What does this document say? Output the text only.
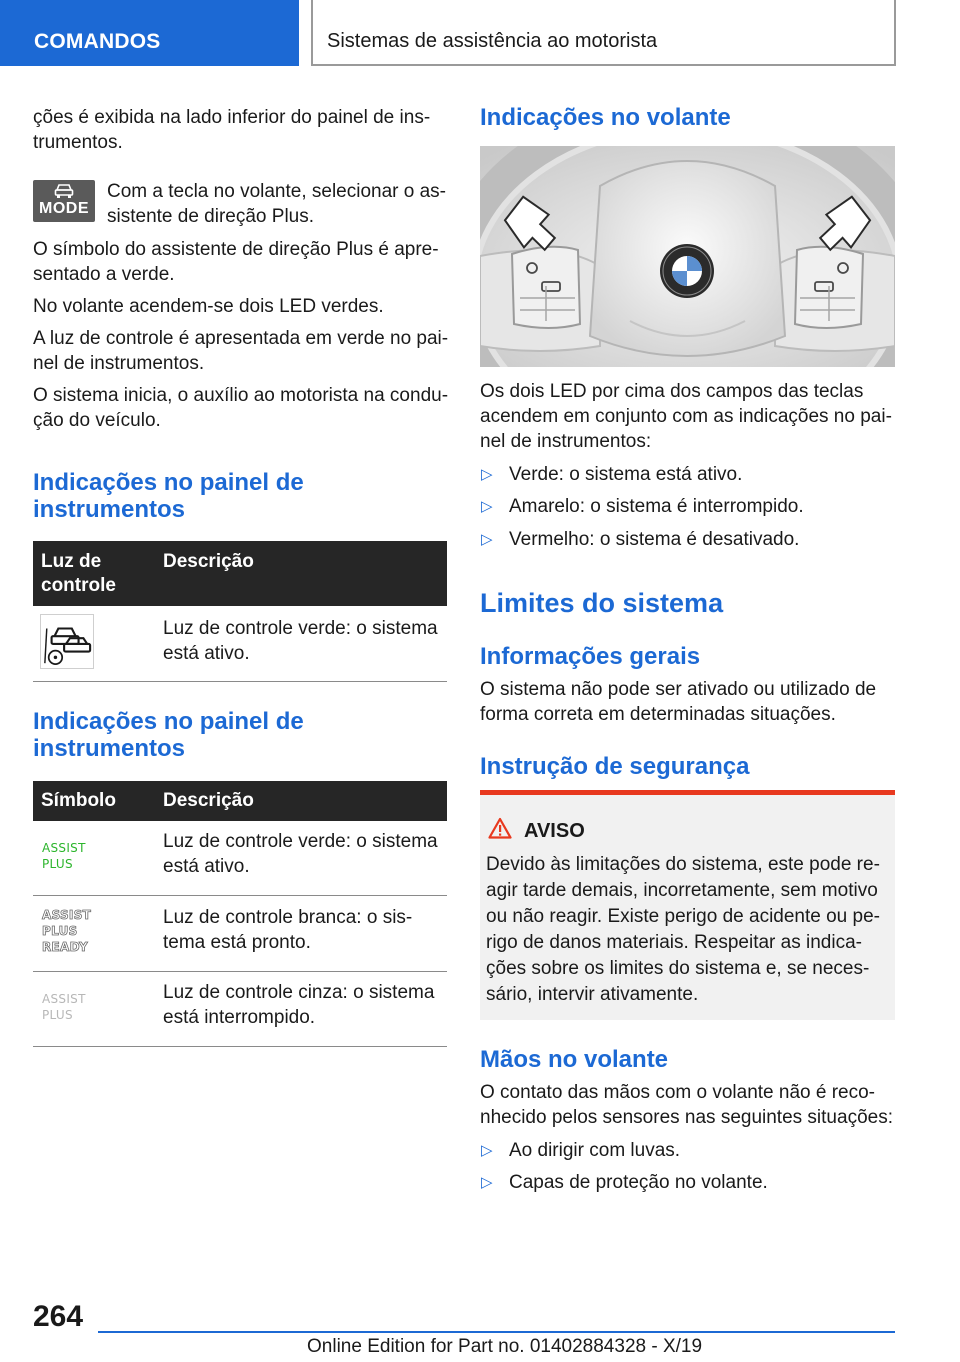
COMANDOS	Sistemas de assistência ao motorista
ções é exibida na lado inferior do painel de ins-
trumentos.
MODE
Com a tecla no volante, selecionar o as-
sistente de direção Plus.
O símbolo do assistente de direção Plus é apre-
sentado a verde.
No volante acendem-se dois LED verdes.
A luz de controle é apresentada em verde no pai-
nel de instrumentos.
O sistema inicia, o auxílio ao motorista na condu-
ção do veículo.
Indicações no painel de
instrumentos
Luz de
controle
Descrição
Luz de controle verde: o sistema
está ativo.
Indicações no painel de
instrumentos
Símbolo Descrição
ASSIST
PLUS
Luz de controle verde: o sistema
está ativo.
ASSIST
PLUS
READY
Luz de controle branca: o sis-
tema está pronto.
ASSIST
PLUS
Luz de controle cinza: o sistema
está interrompido.
Indicações no volante
Os dois LED por cima dos campos das teclas
acendem em conjunto com as indicações no pai-
nel de instrumentos:
▷ Verde: o sistema está ativo.
▷ Amarelo: o sistema é interrompido.
▷ Vermelho: o sistema é desativado.
Limites do sistema
Informações gerais
O sistema não pode ser ativado ou utilizado de
forma correta em determinadas situações.
Instrução de segurança
AVISO
Devido às limitações do sistema, este pode re-
agir tarde demais, incorretamente, sem motivo
ou não reagir. Existe perigo de acidente ou pe-
rigo de danos materiais. Respeitar as indica-
ções sobre os limites do sistema e, se neces-
sário, intervir ativamente.
Mãos no volante
O contato das mãos com o volante não é reco-
nhecido pelos sensores nas seguintes situações:
▷ Ao dirigir com luvas.
▷ Capas de proteção no volante.
264
Online Edition for Part no. 01402884328 - X/19
